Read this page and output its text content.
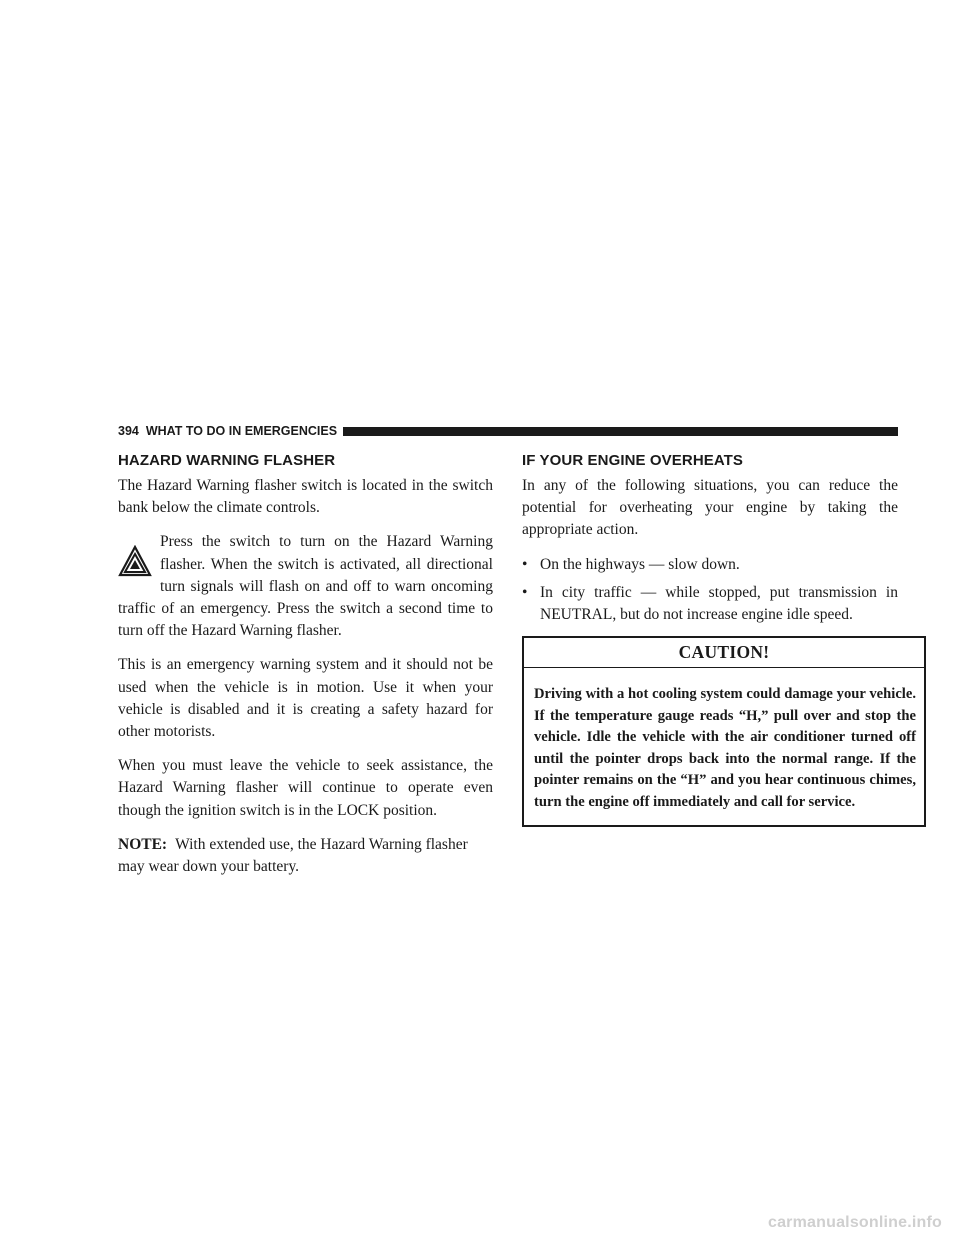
394 WHAT TO DO IN EMERGENCIES
HAZARD WARNING FLASHER

The Hazard Warning flasher switch is located in the switch bank below the climate controls.

Press the switch to turn on the Hazard Warning flasher. When the switch is activated, all directional turn signals will flash on and off to warn oncoming traffic of an emergency. Press the switch a second time to turn off the Hazard Warning flasher.

This is an emergency warning system and it should not be used when the vehicle is in motion. Use it when your vehicle is disabled and it is creating a safety hazard for other motorists.

When you must leave the vehicle to seek assistance, the Hazard Warning flasher will continue to operate even though the ignition switch is in the LOCK position.

NOTE: With extended use, the Hazard Warning flasher may wear down your battery.

IF YOUR ENGINE OVERHEATS

In any of the following situations, you can reduce the potential for overheating your engine by taking the appropriate action.

• On the highways — slow down.
• In city traffic — while stopped, put transmission in NEUTRAL, but do not increase engine idle speed.
CAUTION!
Driving with a hot cooling system could damage your vehicle. If the temperature gauge reads “H,” pull over and stop the vehicle. Idle the vehicle with the air conditioner turned off until the pointer drops back into the normal range. If the pointer remains on the “H” and you hear continuous chimes, turn the engine off immediately and call for service.
carmanualsonline.info
